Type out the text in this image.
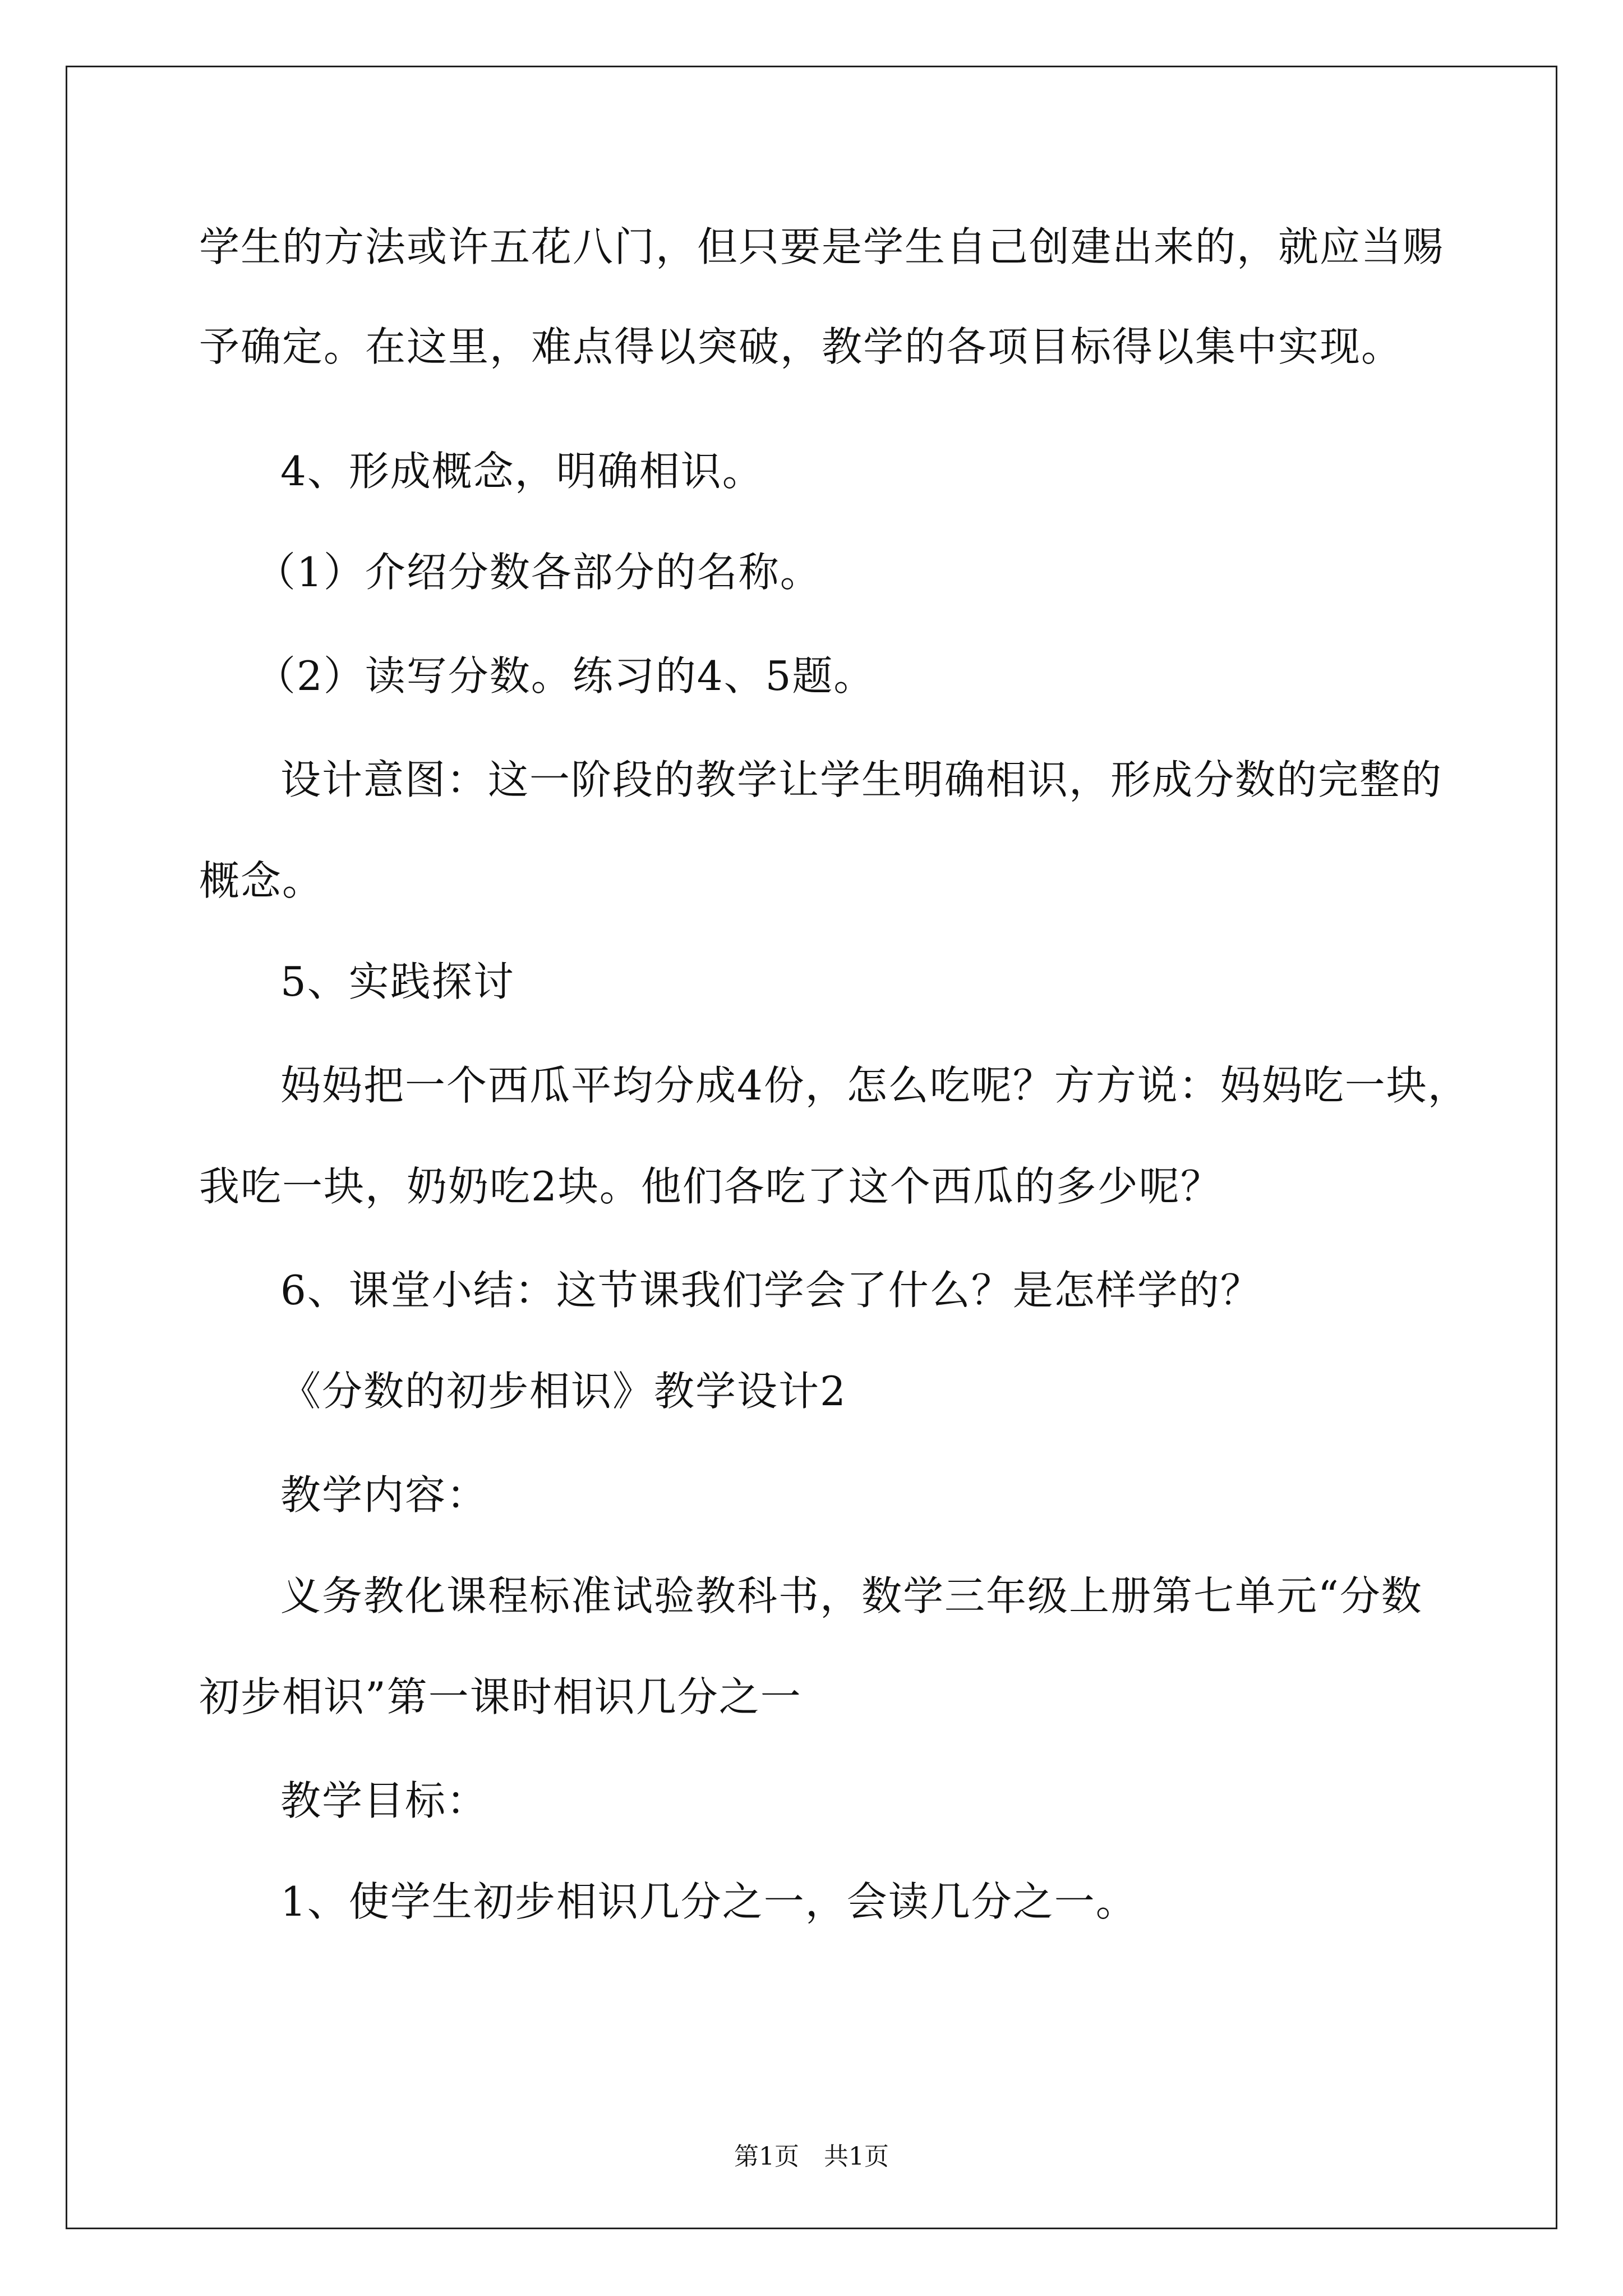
学生的方法或许五花八门，但只要是学生自己创建出来的，就应当赐
予确定。在这里，难点得以突破，教学的各项目标得以集中实现。
4、形成概念，明确相识。
（1）介绍分数各部分的名称。
（2）读写分数。练习的4、5题。
设计意图：这一阶段的教学让学生明确相识，形成分数的完整的
概念。
5、实践探讨
妈妈把一个西瓜平均分成4份，怎么吃呢？方方说：妈妈吃一块，
我吃一块，奶奶吃2块。他们各吃了这个西瓜的多少呢？
6、课堂小结：这节课我们学会了什么？是怎样学的？
《分数的初步相识》教学设计2
教学内容：
义务教化课程标准试验教科书，数学三年级上册第七单元“分数
初步相识”第一课时相识几分之一
教学目标：
1、使学生初步相识几分之一，会读几分之一。
第1页　共1页
